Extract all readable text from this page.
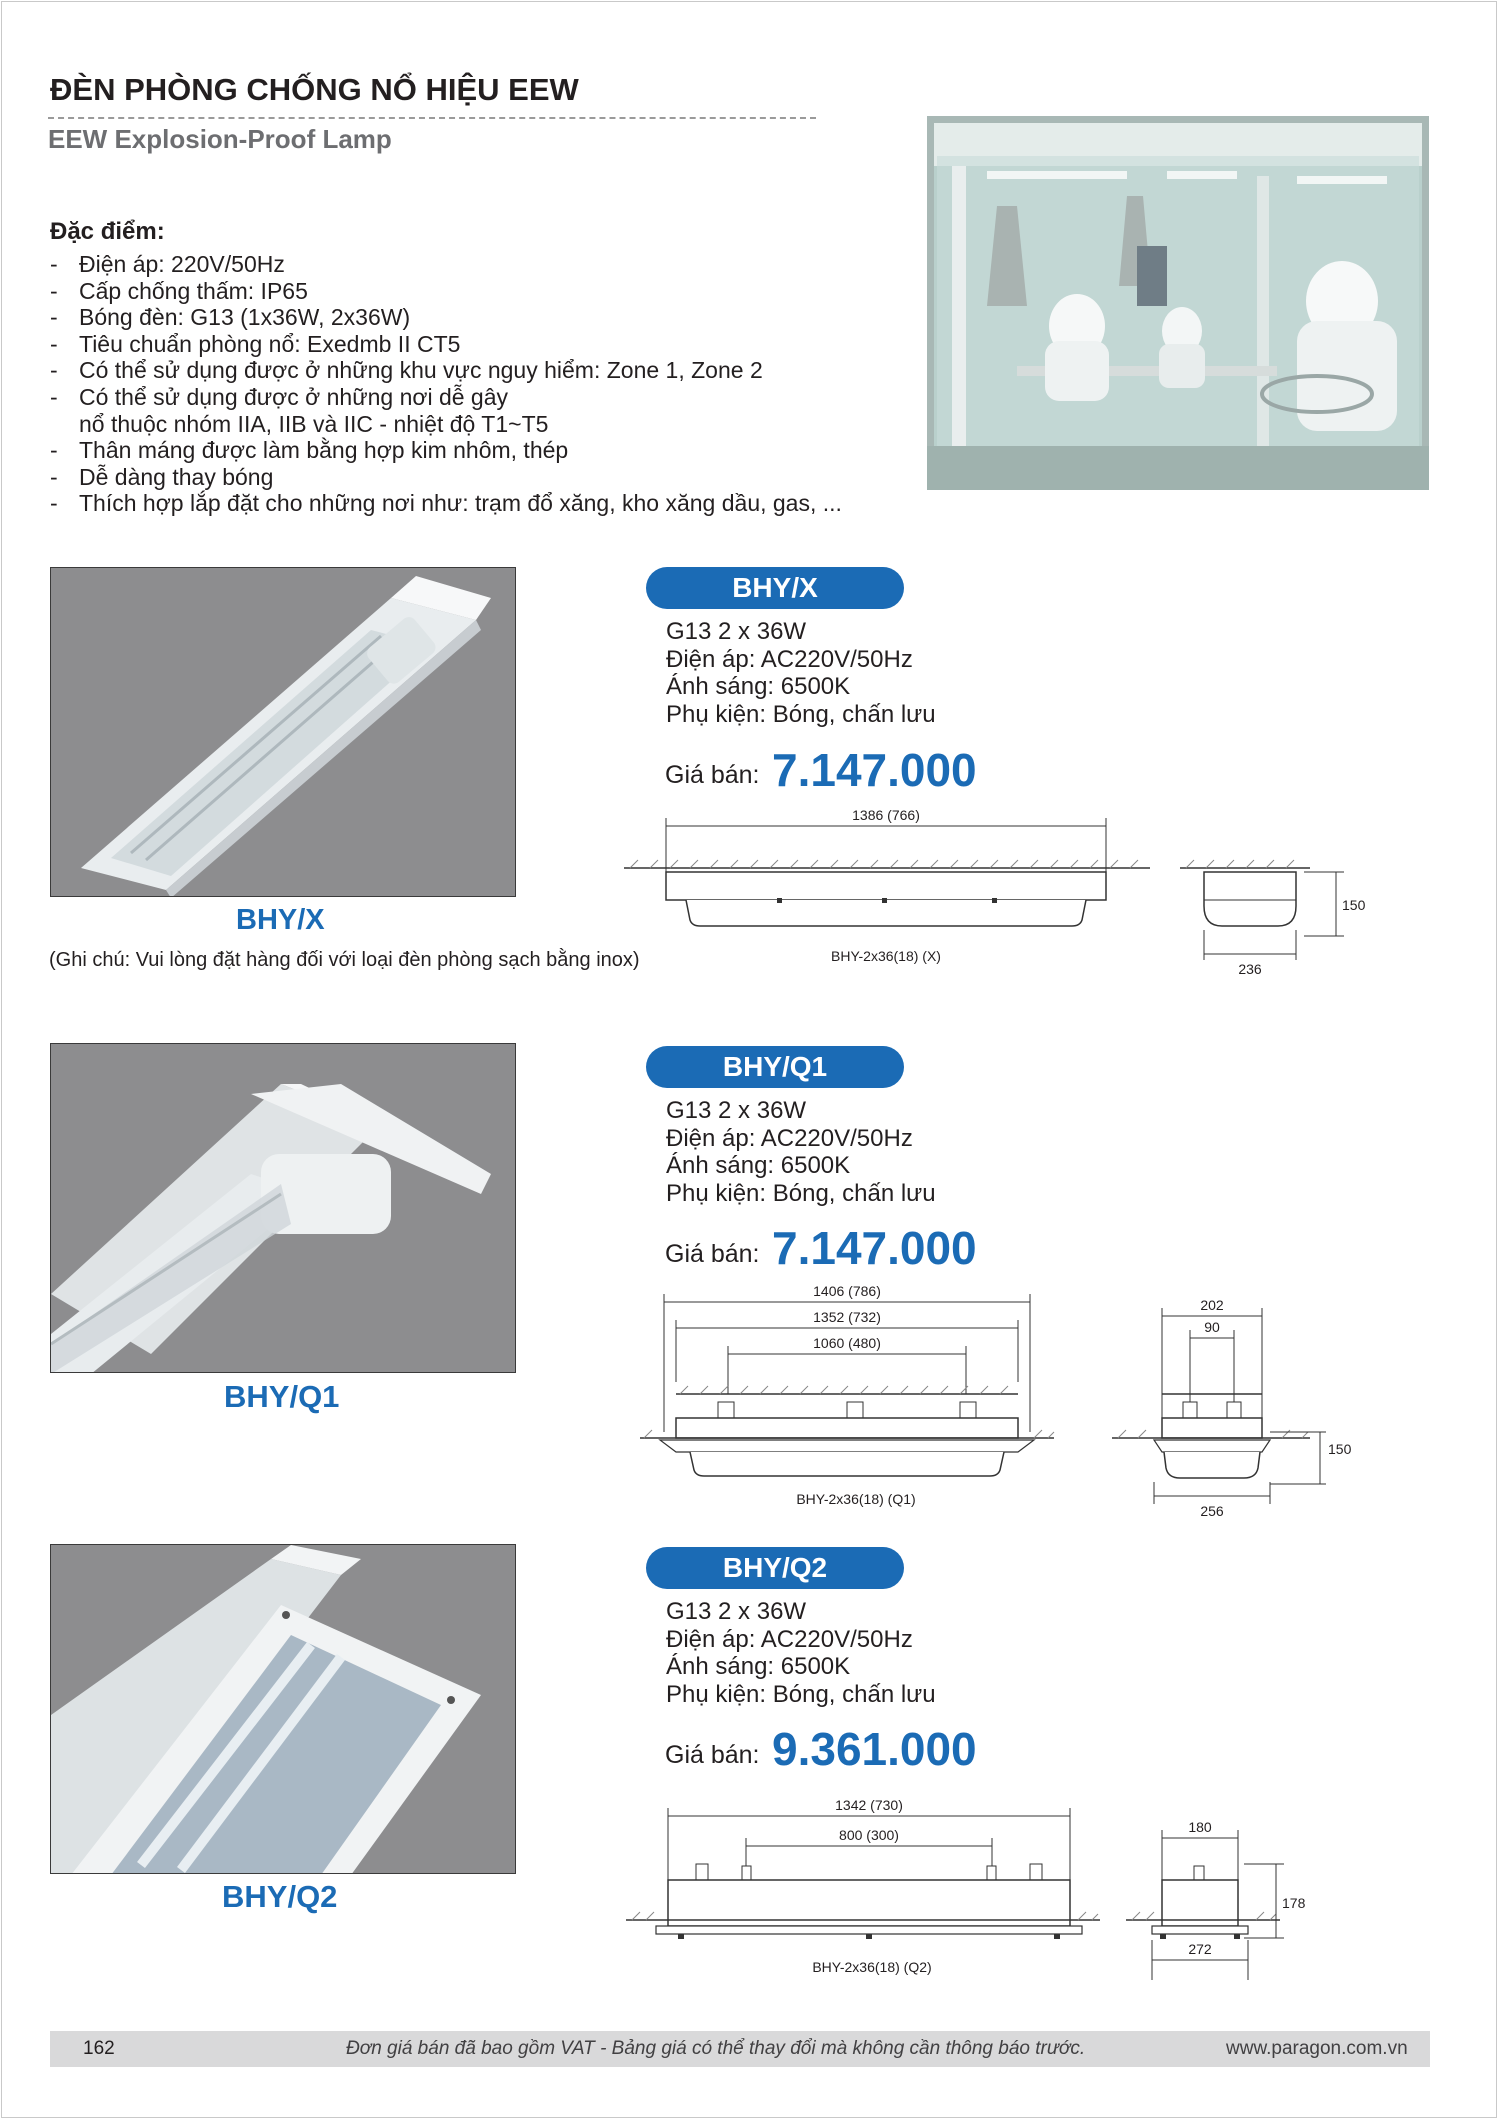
ĐÈN PHÒNG CHỐNG NỔ HIỆU EEW
EEW Explosion-Proof Lamp
Đặc điểm:
- Điện áp: 220V/50Hz
- Cấp chống thấm: IP65
- Bóng đèn: G13 (1x36W, 2x36W)
- Tiêu chuẩn phòng nổ: Exedmb II CT5
- Có thể sử dụng được ở những khu vực nguy hiểm: Zone 1, Zone 2
- Có thể sử dụng được ở những nơi dễ gây
nổ thuộc nhóm IIA, IIB và IIC - nhiệt độ T1~T5
- Thân máng được làm bằng hợp kim nhôm, thép
- Dễ dàng thay bóng
- Thích hợp lắp đặt cho những nơi như: trạm đổ xăng, kho xăng dầu, gas, ...
BHY/X
(Ghi chú: Vui lòng đặt hàng đối với loại đèn phòng sạch bằng inox)
BHY/X
G13 2 x 36W
Điện áp: AC220V/50Hz
Ánh sáng: 6500K
Phụ kiện: Bóng, chấn lưu
Giá bán: 7.147.000
1386 (766)
BHY-2x36(18) (X)
150
236
BHY/Q1
BHY/Q1
G13 2 x 36W
Điện áp: AC220V/50Hz
Ánh sáng: 6500K
Phụ kiện: Bóng, chấn lưu
Giá bán: 7.147.000
1406 (786)
1352 (732)
1060 (480)
BHY-2x36(18) (Q1)
202
90
150
256
BHY/Q2
BHY/Q2
G13 2 x 36W
Điện áp: AC220V/50Hz
Ánh sáng: 6500K
Phụ kiện: Bóng, chấn lưu
Giá bán: 9.361.000
1342 (730)
800 (300)
BHY-2x36(18) (Q2)
180
178
272
162	Đơn giá bán đã bao gồm VAT - Bảng giá có thể thay đổi mà không cần thông báo trước.	www.paragon.com.vn
